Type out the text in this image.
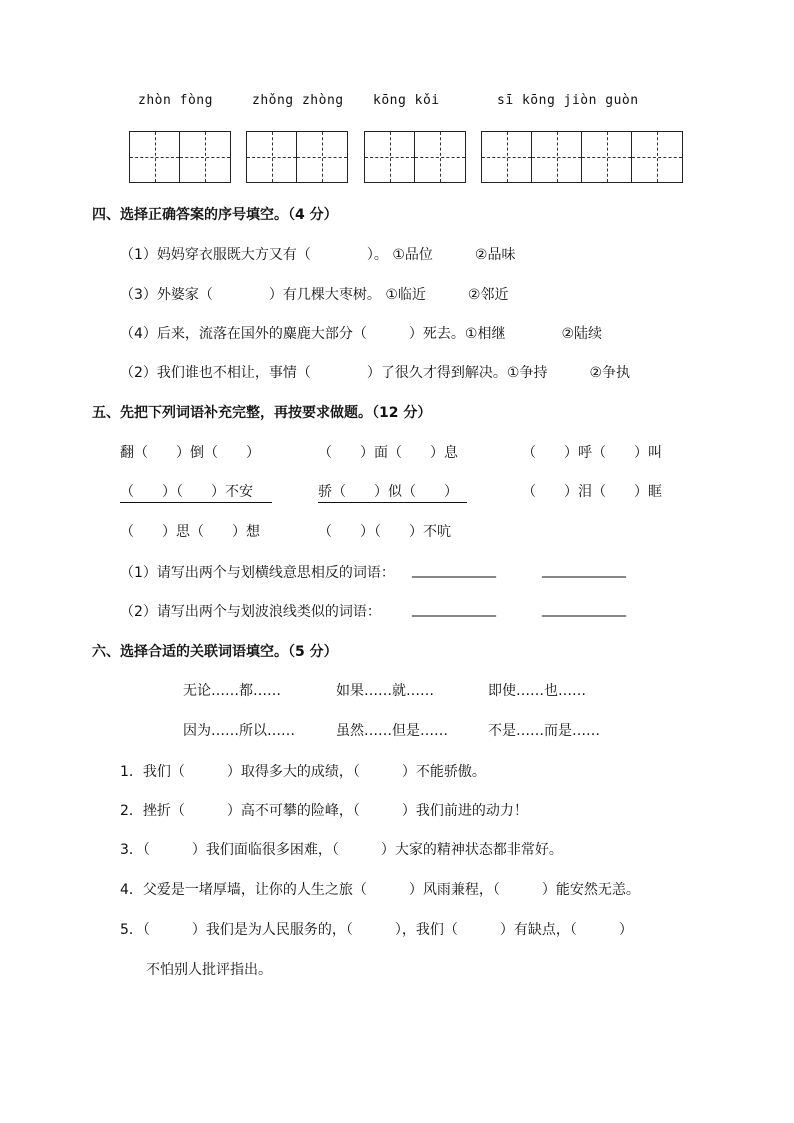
zhòn fòng	zhǒng zhòng kōng kǒi	sī kōng jiòn guòn
四、选择正确答案的序号填空。（4 分）
（1）妈妈穿衣服既大方又有（　　　　）。 ①品位　　　②品味
（3）外婆家（　　　　）有几棵大枣树。 ①临近　　　②邻近
（4）后来，流落在国外的麋鹿大部分（　　　）死去。①相继　　　　②陆续
（2）我们谁也不相让，事情（　　　　）了很久才得到解决。①争持　　　②争执
五、先把下列词语补充完整，再按要求做题。（12 分）
翻（　　）倒（　　）	（　　）面（　　）息	（　　）呼（　　）叫
（　　）（　　）不安	骄（　　）似（　　）	（　　）泪（　　）眶
（　　）思（　　）想	（　　）（　　）不吭
（1）请写出两个与划横线意思相反的词语： ____________	____________
（2）请写出两个与划波浪线类似的词语： ____________	____________
六、选择合适的关联词语填空。（5 分）
无论……都……	如果……就……	即使……也……
因为……所以……	虽然……但是……	不是……而是……
1．我们（　　　）取得多大的成绩，（　　　）不能骄傲。
2．挫折（　　　）高不可攀的险峰，（　　　）我们前进的动力！
3．（　　　）我们面临很多困难，（　　　）大家的精神状态都非常好。
4．父爱是一堵厚墙，让你的人生之旅（　　　）风雨兼程，（　　　）能安然无恙。
5．（　　　）我们是为人民服务的，（　　　），我们（　　　）有缺点，（　　　）
不怕别人批评指出。
